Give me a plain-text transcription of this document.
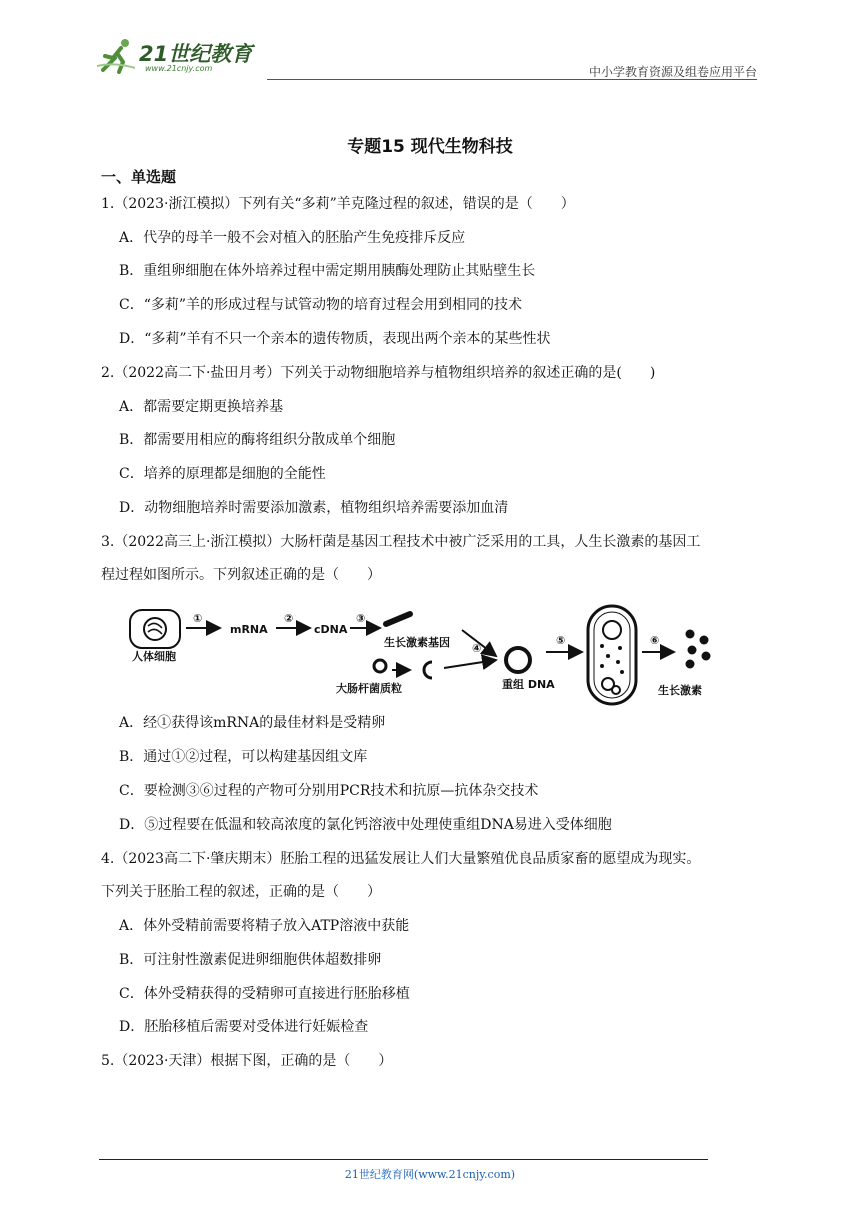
21世纪教育
www.21cnjy.com	中小学教育资源及组卷应用平台
专题15 现代生物科技
一、单选题
1.（2023·浙江模拟）下列有关“多莉”羊克隆过程的叙述，错误的是（　　）
A．代孕的母羊一般不会对植入的胚胎产生免疫排斥反应
B．重组卵细胞在体外培养过程中需定期用胰酶处理防止其贴壁生长
C．“多莉”羊的形成过程与试管动物的培育过程会用到相同的技术
D．“多莉”羊有不只一个亲本的遗传物质，表现出两个亲本的某些性状
2.（2022高二下·盐田月考）下列关于动物细胞培养与植物组织培养的叙述正确的是(　　)
A．都需要定期更换培养基
B．都需要用相应的酶将组织分散成单个细胞
C．培养的原理都是细胞的全能性
D．动物细胞培养时需要添加激素，植物组织培养需要添加血清
3.（2022高三上·浙江模拟）大肠杆菌是基因工程技术中被广泛采用的工具，人生长激素的基因工
程过程如图所示。下列叙述正确的是（　　）
人体细胞
①
mRNA
②
cDNA
③
生长激素基因
大肠杆菌质粒
④
重组 DNA
⑤	⑥
生长激素
A．经①获得该mRNA的最佳材料是受精卵
B．通过①②过程，可以构建基因组文库
C．要检测③⑥过程的产物可分别用PCR技术和抗原—抗体杂交技术
D．⑤过程要在低温和较高浓度的氯化钙溶液中处理使重组DNA易进入受体细胞
4.（2023高二下·肇庆期末）胚胎工程的迅猛发展让人们大量繁殖优良品质家畜的愿望成为现实。
下列关于胚胎工程的叙述，正确的是（　　）
A．体外受精前需要将精子放入ATP溶液中获能
B．可注射性激素促进卵细胞供体超数排卵
C．体外受精获得的受精卵可直接进行胚胎移植
D．胚胎移植后需要对受体进行妊娠检查
5.（2023·天津）根据下图，正确的是（　　）
21世纪教育网(www.21cnjy.com)
